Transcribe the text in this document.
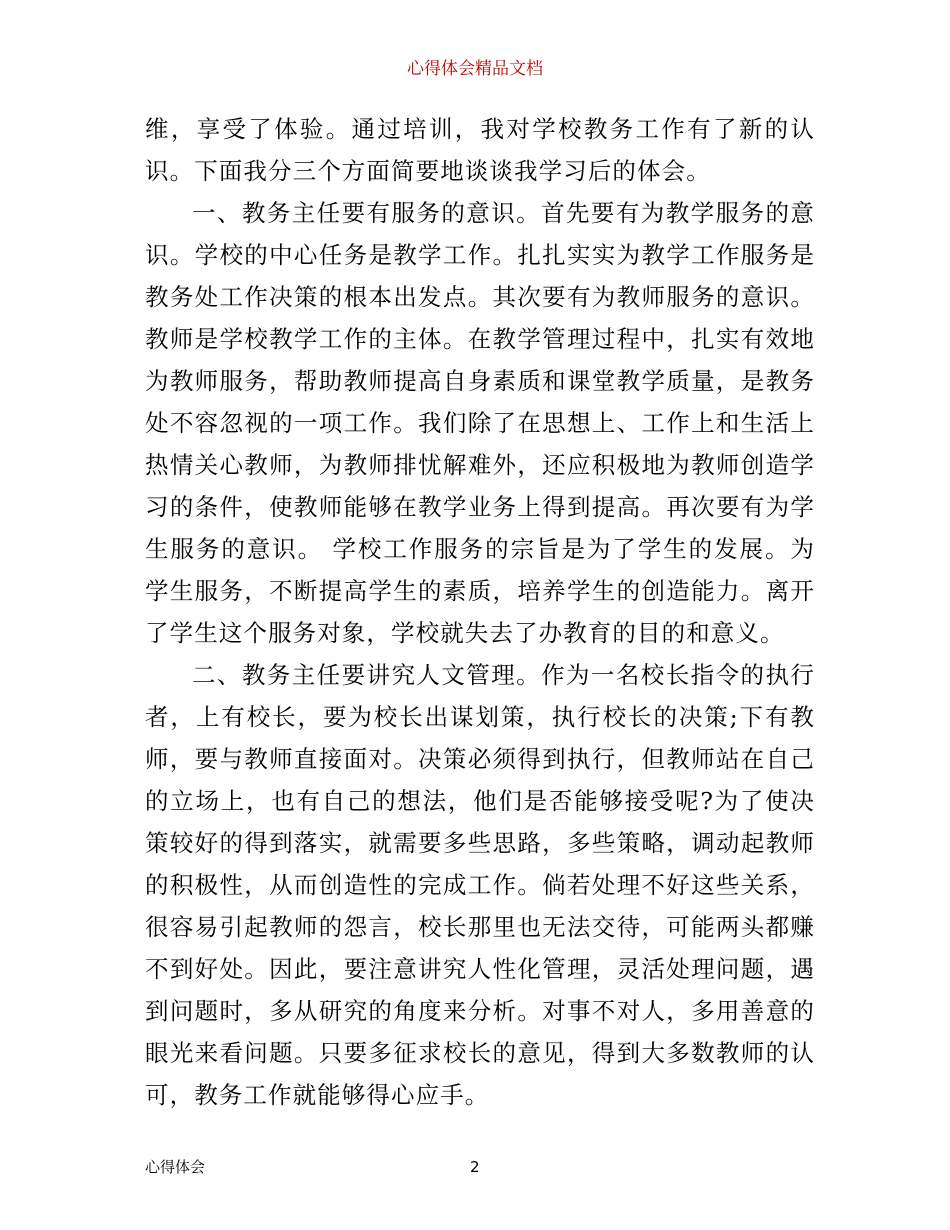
心得体会精品文档

维，享受了体验。通过培训，我对学校教务工作有了新的认识。下面我分三个方面简要地谈谈我学习后的体会。

一、教务主任要有服务的意识。首先要有为教学服务的意识。学校的中心任务是教学工作。扎扎实实为教学工作服务是教务处工作决策的根本出发点。其次要有为教师服务的意识。教师是学校教学工作的主体。在教学管理过程中，扎实有效地为教师服务，帮助教师提高自身素质和课堂教学质量，是教务处不容忽视的一项工作。我们除了在思想上、工作上和生活上热情关心教师，为教师排忧解难外，还应积极地为教师创造学习的条件，使教师能够在教学业务上得到提高。再次要有为学生服务的意识。 学校工作服务的宗旨是为了学生的发展。为学生服务，不断提高学生的素质，培养学生的创造能力。离开了学生这个服务对象，学校就失去了办教育的目的和意义。

二、教务主任要讲究人文管理。作为一名校长指令的执行者，上有校长，要为校长出谋划策，执行校长的决策;下有教师，要与教师直接面对。决策必须得到执行，但教师站在自己的立场上，也有自己的想法，他们是否能够接受呢?为了使决策较好的得到落实，就需要多些思路，多些策略，调动起教师的积极性，从而创造性的完成工作。倘若处理不好这些关系，很容易引起教师的怨言，校长那里也无法交待，可能两头都赚不到好处。因此，要注意讲究人性化管理，灵活处理问题，遇到问题时，多从研究的角度来分析。对事不对人，多用善意的眼光来看问题。只要多征求校长的意见，得到大多数教师的认可，教务工作就能够得心应手。

心得体会	2
